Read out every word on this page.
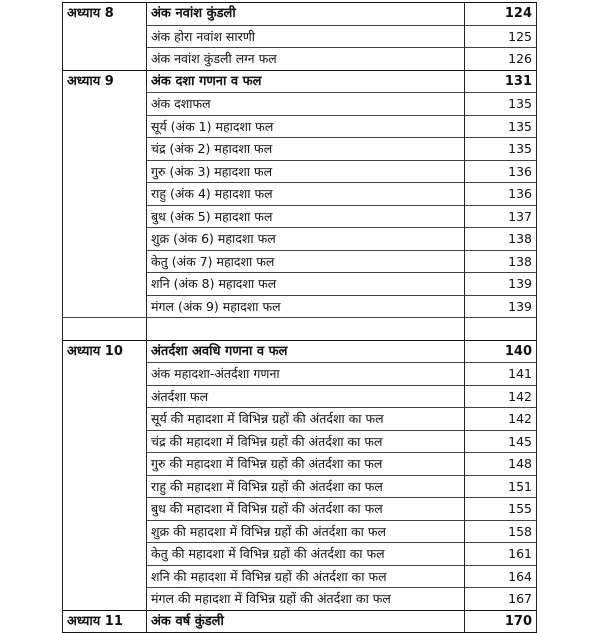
अध्याय 8	अंक नवांश कुंडली	124
	अंक होरा नवांश सारणी	125
	अंक नवांश कुंडली लग्न फल	126
अध्याय 9	अंक दशा गणना व फल	131
	अंक दशाफल	135
	सूर्य (अंक 1) महादशा फल	135
	चंद्र (अंक 2) महादशा फल	135
	गुरु (अंक 3) महादशा फल	136
	राहु (अंक 4) महादशा फल	136
	बुध (अंक 5) महादशा फल	137
	शुक्र (अंक 6) महादशा फल	138
	केतु (अंक 7) महादशा फल	138
	शनि (अंक 8) महादशा फल	139
	मंगल (अंक 9) महादशा फल	139

अध्याय 10	अंतर्दशा अवधि गणना व फल	140
	अंक महादशा-अंतर्दशा गणना	141
	अंतर्दशा फल	142
	सूर्य की महादशा में विभिन्न ग्रहों की अंतर्दशा का फल	142
	चंद्र की महादशा में विभिन्न ग्रहों की अंतर्दशा का फल	145
	गुरु की महादशा में विभिन्न ग्रहों की अंतर्दशा का फल	148
	राहु की महादशा में विभिन्न ग्रहों की अंतर्दशा का फल	151
	बुध की महादशा में विभिन्न ग्रहों की अंतर्दशा का फल	155
	शुक्र की महादशा में विभिन्न ग्रहों की अंतर्दशा का फल	158
	केतु की महादशा में विभिन्न ग्रहों की अंतर्दशा का फल	161
	शनि की महादशा में विभिन्न ग्रहों की अंतर्दशा का फल	164
	मंगल की महादशा में विभिन्न ग्रहों की अंतर्दशा का फल	167
अध्याय 11	अंक वर्ष कुंडली	170
